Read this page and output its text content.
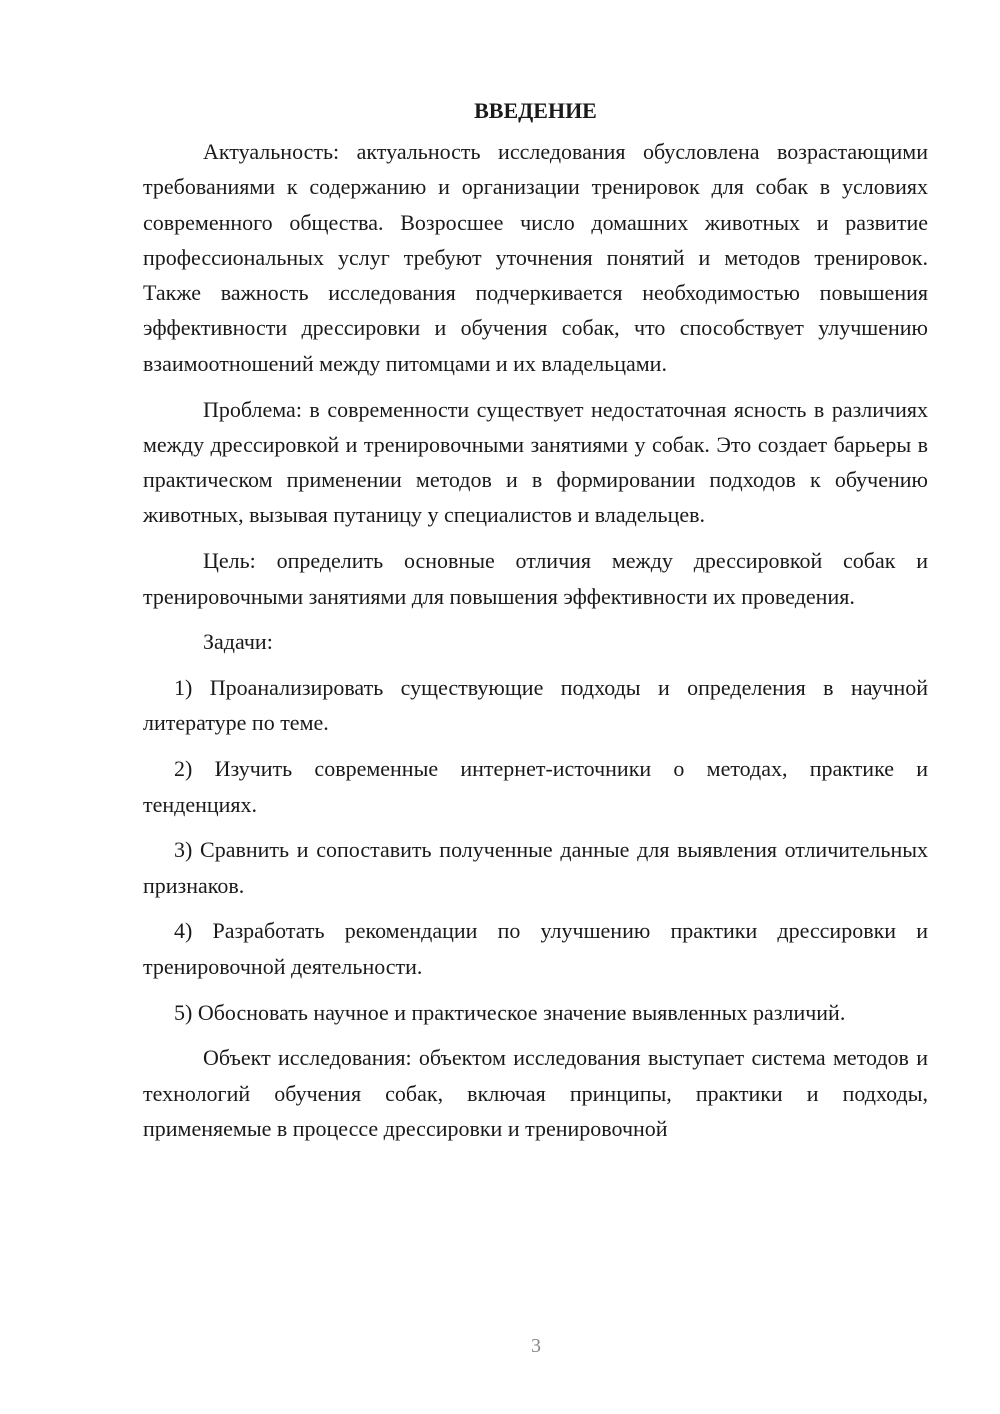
ВВЕДЕНИЕ

Актуальность: актуальность исследования обусловлена возрастающими требованиями к содержанию и организации тренировок для собак в условиях современного общества. Возросшее число домашних животных и развитие профессиональных услуг требуют уточнения понятий и методов тренировок. Также важность исследования подчеркивается необходимостью повышения эффективности дрессировки и обучения собак, что способствует улучшению взаимоотношений между питомцами и их владельцами.

Проблема: в современности существует недостаточная ясность в различиях между дрессировкой и тренировочными занятиями у собак. Это создает барьеры в практическом применении методов и в формировании подходов к обучению животных, вызывая путаницу у специалистов и владельцев.

Цель: определить основные отличия между дрессировкой собак и тренировочными занятиями для повышения эффективности их проведения.

Задачи:

1) Проанализировать существующие подходы и определения в научной литературе по теме.

2) Изучить современные интернет-источники о методах, практике и тенденциях.

3) Сравнить и сопоставить полученные данные для выявления отличительных признаков.

4) Разработать рекомендации по улучшению практики дрессировки и тренировочной деятельности.

5) Обосновать научное и практическое значение выявленных различий.

Объект исследования: объектом исследования выступает система методов и технологий обучения собак, включая принципы, практики и подходы, применяемые в процессе дрессировки и тренировочной

3
